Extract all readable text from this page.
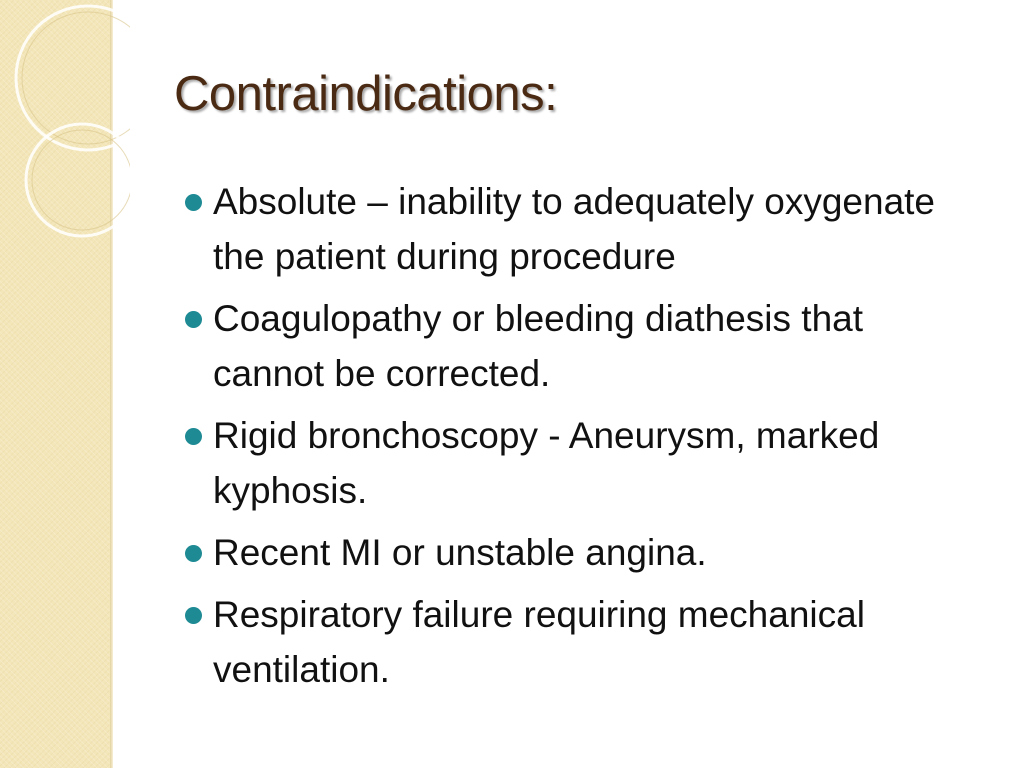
Contraindications:
Absolute – inability to adequately oxygenate the patient during procedure
Coagulopathy or bleeding diathesis that cannot be corrected.
Rigid bronchoscopy - Aneurysm, marked kyphosis.
Recent MI or unstable angina.
Respiratory failure requiring mechanical ventilation.
